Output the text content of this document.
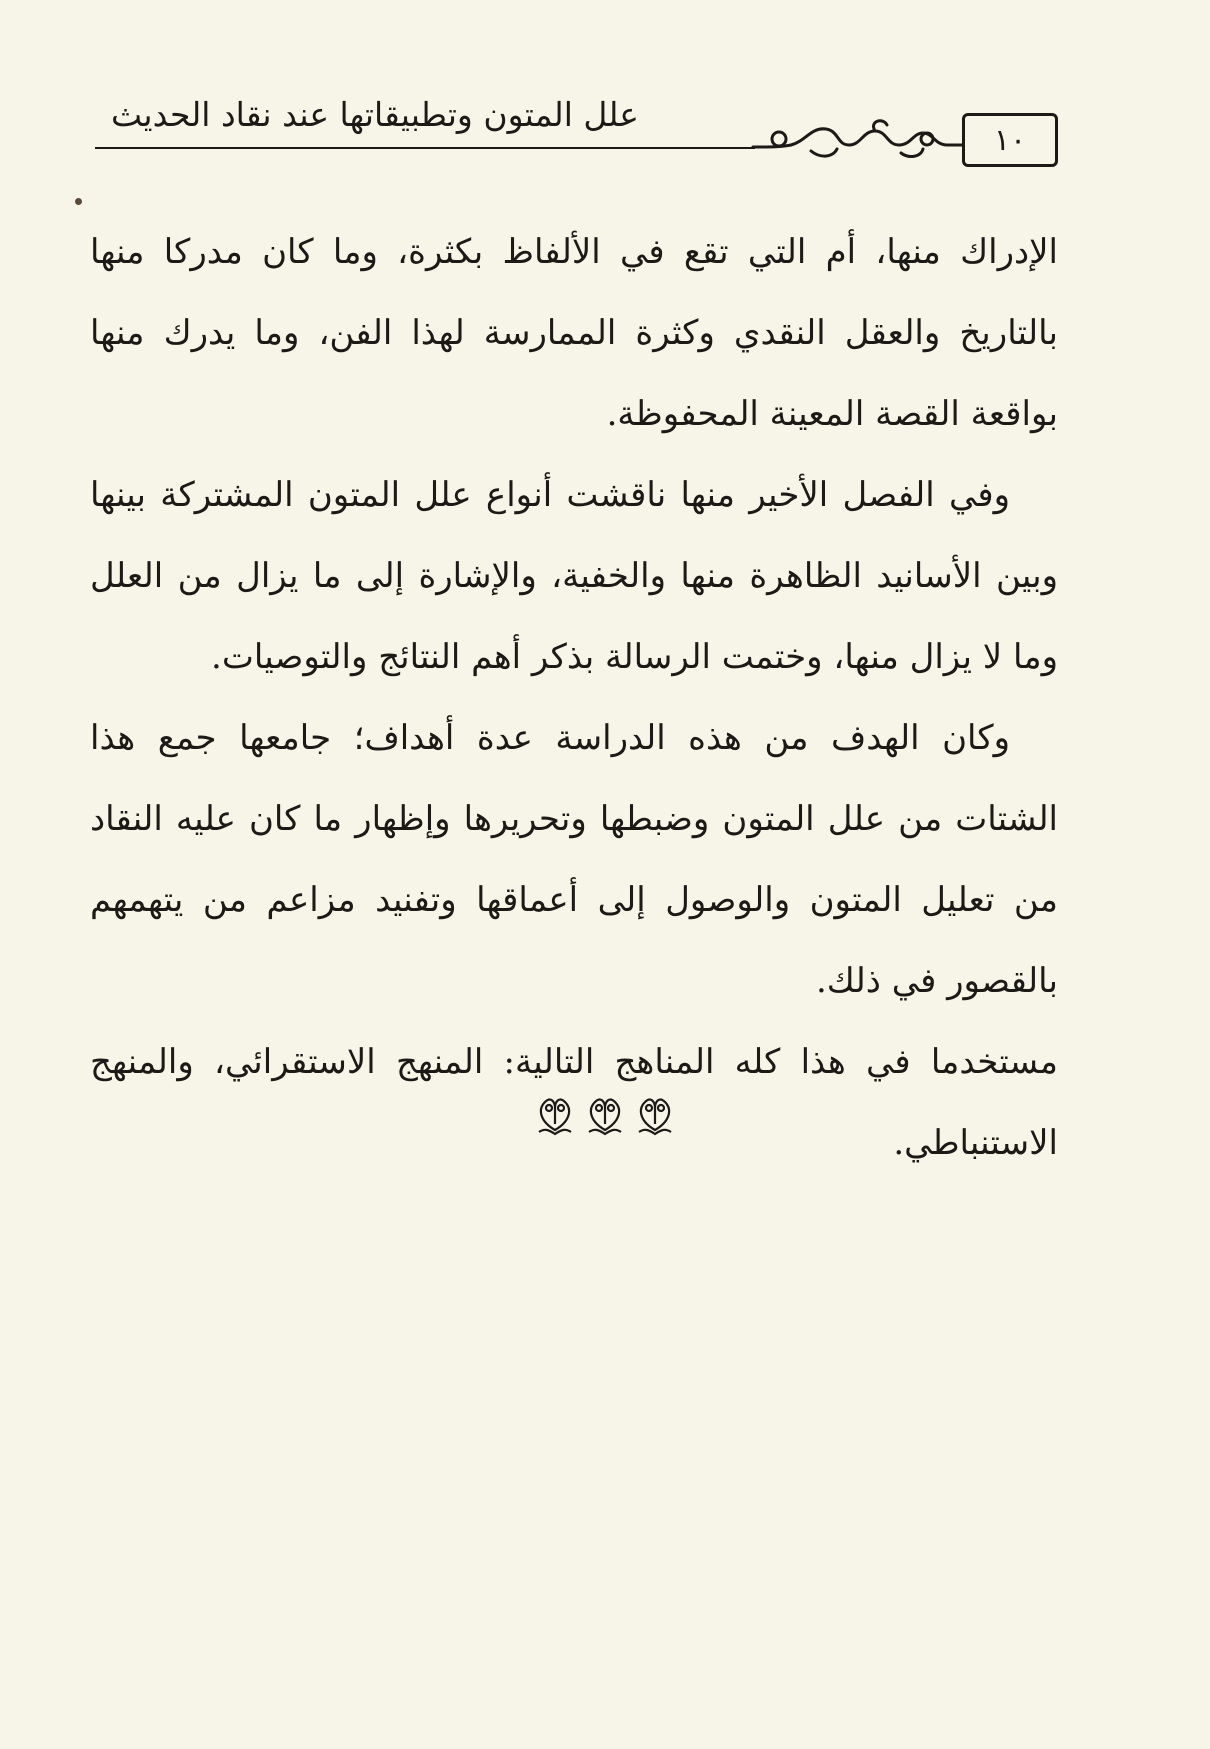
علل المتون وتطبيقاتها عند نقاد الحديث
١٠

الإدراك منها، أم التي تقع في الألفاظ بكثرة، وما كان مدركا منها بالتاريخ والعقل النقدي وكثرة الممارسة لهذا الفن، وما يدرك منها بواقعة القصة المعينة المحفوظة.

وفي الفصل الأخير منها ناقشت أنواع علل المتون المشتركة بينها وبين الأسانيد الظاهرة منها والخفية، والإشارة إلى ما يزال من العلل وما لا يزال منها، وختمت الرسالة بذكر أهم النتائج والتوصيات.

وكان الهدف من هذه الدراسة عدة أهداف؛ جامعها جمع هذا الشتات من علل المتون وضبطها وتحريرها وإظهار ما كان عليه النقاد من تعليل المتون والوصول إلى أعماقها وتفنيد مزاعم من يتهمهم بالقصور في ذلك.

مستخدما في هذا كله المناهج التالية: المنهج الاستقرائي، والمنهج الاستنباطي.
